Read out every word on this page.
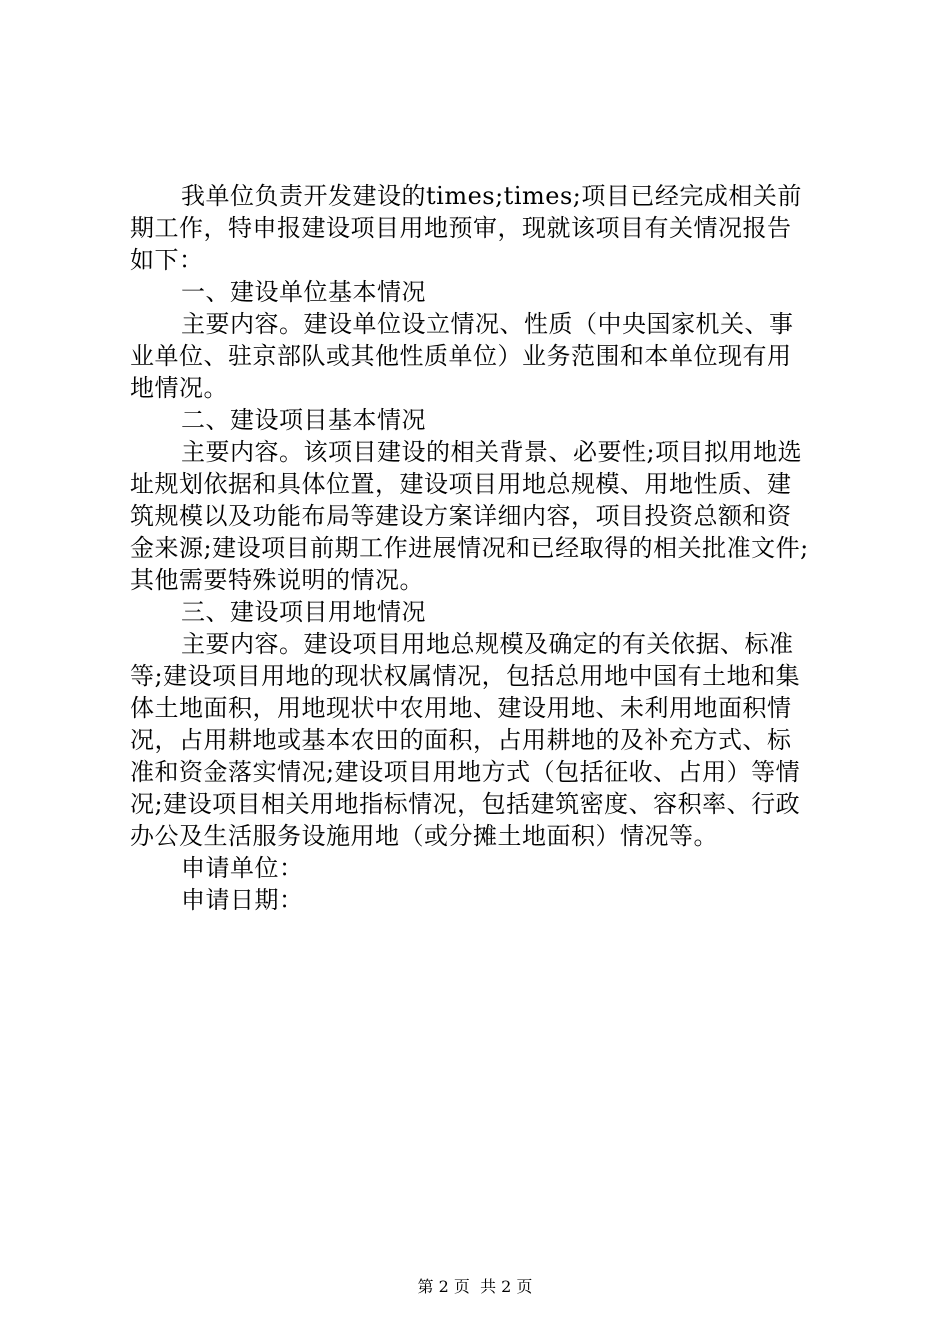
我单位负责开发建设的times;times;项目已经完成相关前
期工作，特申报建设项目用地预审，现就该项目有关情况报告
如下：
一、建设单位基本情况
主要内容。建设单位设立情况、性质（中央国家机关、事
业单位、驻京部队或其他性质单位）业务范围和本单位现有用
地情况。
二、建设项目基本情况
主要内容。该项目建设的相关背景、必要性;项目拟用地选
址规划依据和具体位置，建设项目用地总规模、用地性质、建
筑规模以及功能布局等建设方案详细内容，项目投资总额和资
金来源;建设项目前期工作进展情况和已经取得的相关批准文件;
其他需要特殊说明的情况。
三、建设项目用地情况
主要内容。建设项目用地总规模及确定的有关依据、标准
等;建设项目用地的现状权属情况，包括总用地中国有土地和集
体土地面积，用地现状中农用地、建设用地、未利用地面积情
况，占用耕地或基本农田的面积，占用耕地的及补充方式、标
准和资金落实情况;建设项目用地方式（包括征收、占用）等情
况;建设项目相关用地指标情况，包括建筑密度、容积率、行政
办公及生活服务设施用地（或分摊土地面积）情况等。
申请单位：
申请日期：
第 2 页  共 2 页
